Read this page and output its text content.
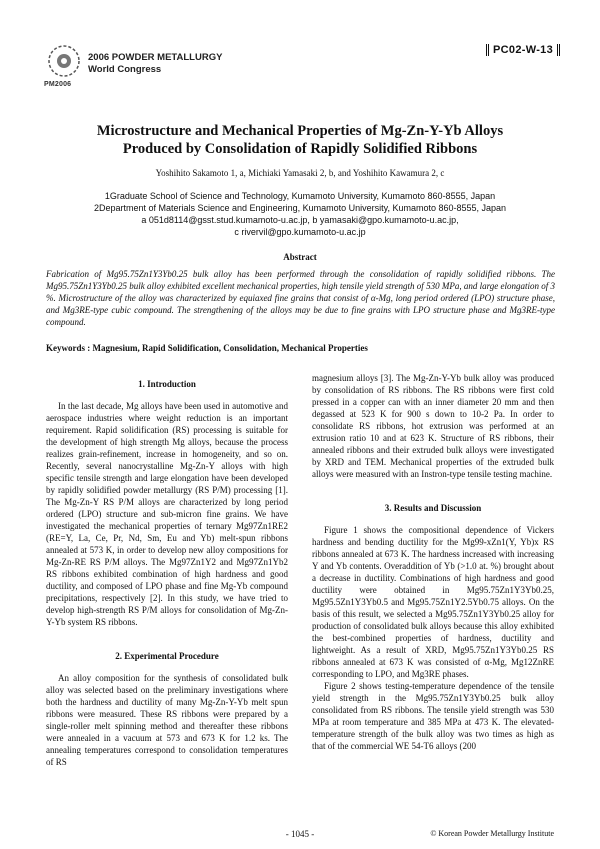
2006 POWDER METALLURGY
World Congress
PM2006
PC02-W-13
Microstructure and Mechanical Properties of Mg-Zn-Y-Yb Alloys
Produced by Consolidation of Rapidly Solidified Ribbons
Yoshihito Sakamoto 1, a, Michiaki Yamasaki 2, b, and Yoshihito Kawamura 2, c
1Graduate School of Science and Technology, Kumamoto University, Kumamoto 860-8555, Japan
2Department of Materials Science and Engineering, Kumamoto University, Kumamoto 860-8555, Japan
a 051d8114@gsst.stud.kumamoto-u.ac.jp, b yamasaki@gpo.kumamoto-u.ac.jp,
c rivervil@gpo.kumamoto-u.ac.jp
Abstract
Fabrication of Mg95.75Zn1Y3Yb0.25 bulk alloy has been performed through the consolidation of rapidly solidified ribbons. The Mg95.75Zn1Y3Yb0.25 bulk alloy exhibited excellent mechanical properties, high tensile yield strength of 530 MPa, and large elongation of 3 %. Microstructure of the alloy was characterized by equiaxed fine grains that consist of α-Mg, long period ordered (LPO) structure phase, and Mg3RE-type cubic compound. The strengthening of the alloys may be due to fine grains with LPO structure phase and Mg3RE-type compound.
Keywords : Magnesium, Rapid Solidification, Consolidation, Mechanical Properties
1. Introduction

In the last decade, Mg alloys have been used in automotive and aerospace industries where weight reduction is an important requirement. Rapid solidification (RS) processing is suitable for the development of high strength Mg alloys, because the process realizes grain-refinement, increase in homogeneity, and so on. Recently, several nanocrystalline Mg-Zn-Y alloys with high specific tensile strength and large elongation have been developed by rapidly solidified powder metallurgy (RS P/M) processing [1]. The Mg-Zn-Y RS P/M alloys are characterized by long period ordered (LPO) structure and sub-micron fine grains. We have investigated the mechanical properties of ternary Mg97Zn1RE2 (RE=Y, La, Ce, Pr, Nd, Sm, Eu and Yb) melt-spun ribbons annealed at 573 K, in order to develop new alloy compositions for Mg-Zn-RE RS P/M alloys. The Mg97Zn1Y2 and Mg97Zn1Yb2 RS ribbons exhibited combination of high hardness and good ductility, and composed of LPO phase and fine Mg-Yb compound precipitations, respectively [2]. In this study, we have tried to develop high-strength RS P/M alloys for consolidation of Mg-Zn-Y-Yb system RS ribbons.

2. Experimental Procedure

An alloy composition for the synthesis of consolidated bulk alloy was selected based on the preliminary investigations where both the hardness and ductility of many Mg-Zn-Y-Yb melt spun ribbons were measured. These RS ribbons were prepared by a single-roller melt spinning method and thereafter these ribbons were annealed in a vacuum at 573 and 673 K for 1.2 ks. The annealing temperatures correspond to consolidation temperatures of RS

magnesium alloys [3]. The Mg-Zn-Y-Yb bulk alloy was produced by consolidation of RS ribbons. The RS ribbons were first cold pressed in a copper can with an inner diameter 20 mm and then degassed at 523 K for 900 s down to 10-2 Pa. In order to consolidate RS ribbons, hot extrusion was performed at an extrusion ratio 10 and at 623 K. Structure of RS ribbons, their annealed ribbons and their extruded bulk alloys were investigated by XRD and TEM. Mechanical properties of the extruded bulk alloys were measured with an Instron-type tensile testing machine.

3. Results and Discussion

Figure 1 shows the compositional dependence of Vickers hardness and bending ductility for the Mg99-xZn1(Y, Yb)x RS ribbons annealed at 673 K. The hardness increased with increasing Y and Yb contents. Overaddition of Yb (>1.0 at. %) brought about a decrease in ductility. Combinations of high hardness and good ductility were obtained in Mg95.75Zn1Y3Yb0.25, Mg95.5Zn1Y3Yb0.5 and Mg95.75Zn1Y2.5Yb0.75 alloys. On the basis of this result, we selected a Mg95.75Zn1Y3Yb0.25 alloy for production of consolidated bulk alloys because this alloy exhibited the best-combined properties of hardness, ductility and lightweight. As a result of XRD, Mg95.75Zn1Y3Yb0.25 RS ribbons annealed at 673 K was consisted of α-Mg, Mg12ZnRE corresponding to LPO, and Mg3RE phases.

Figure 2 shows testing-temperature dependence of the tensile yield strength in the Mg95.75Zn1Y3Yb0.25 bulk alloy consolidated from RS ribbons. The tensile yield strength was 530 MPa at room temperature and 385 MPa at 473 K. The elevated-temperature strength of the bulk alloy was two times as high as that of the commercial WE 54-T6 alloys (200

- 1045 -	© Korean Powder Metallurgy Institute
